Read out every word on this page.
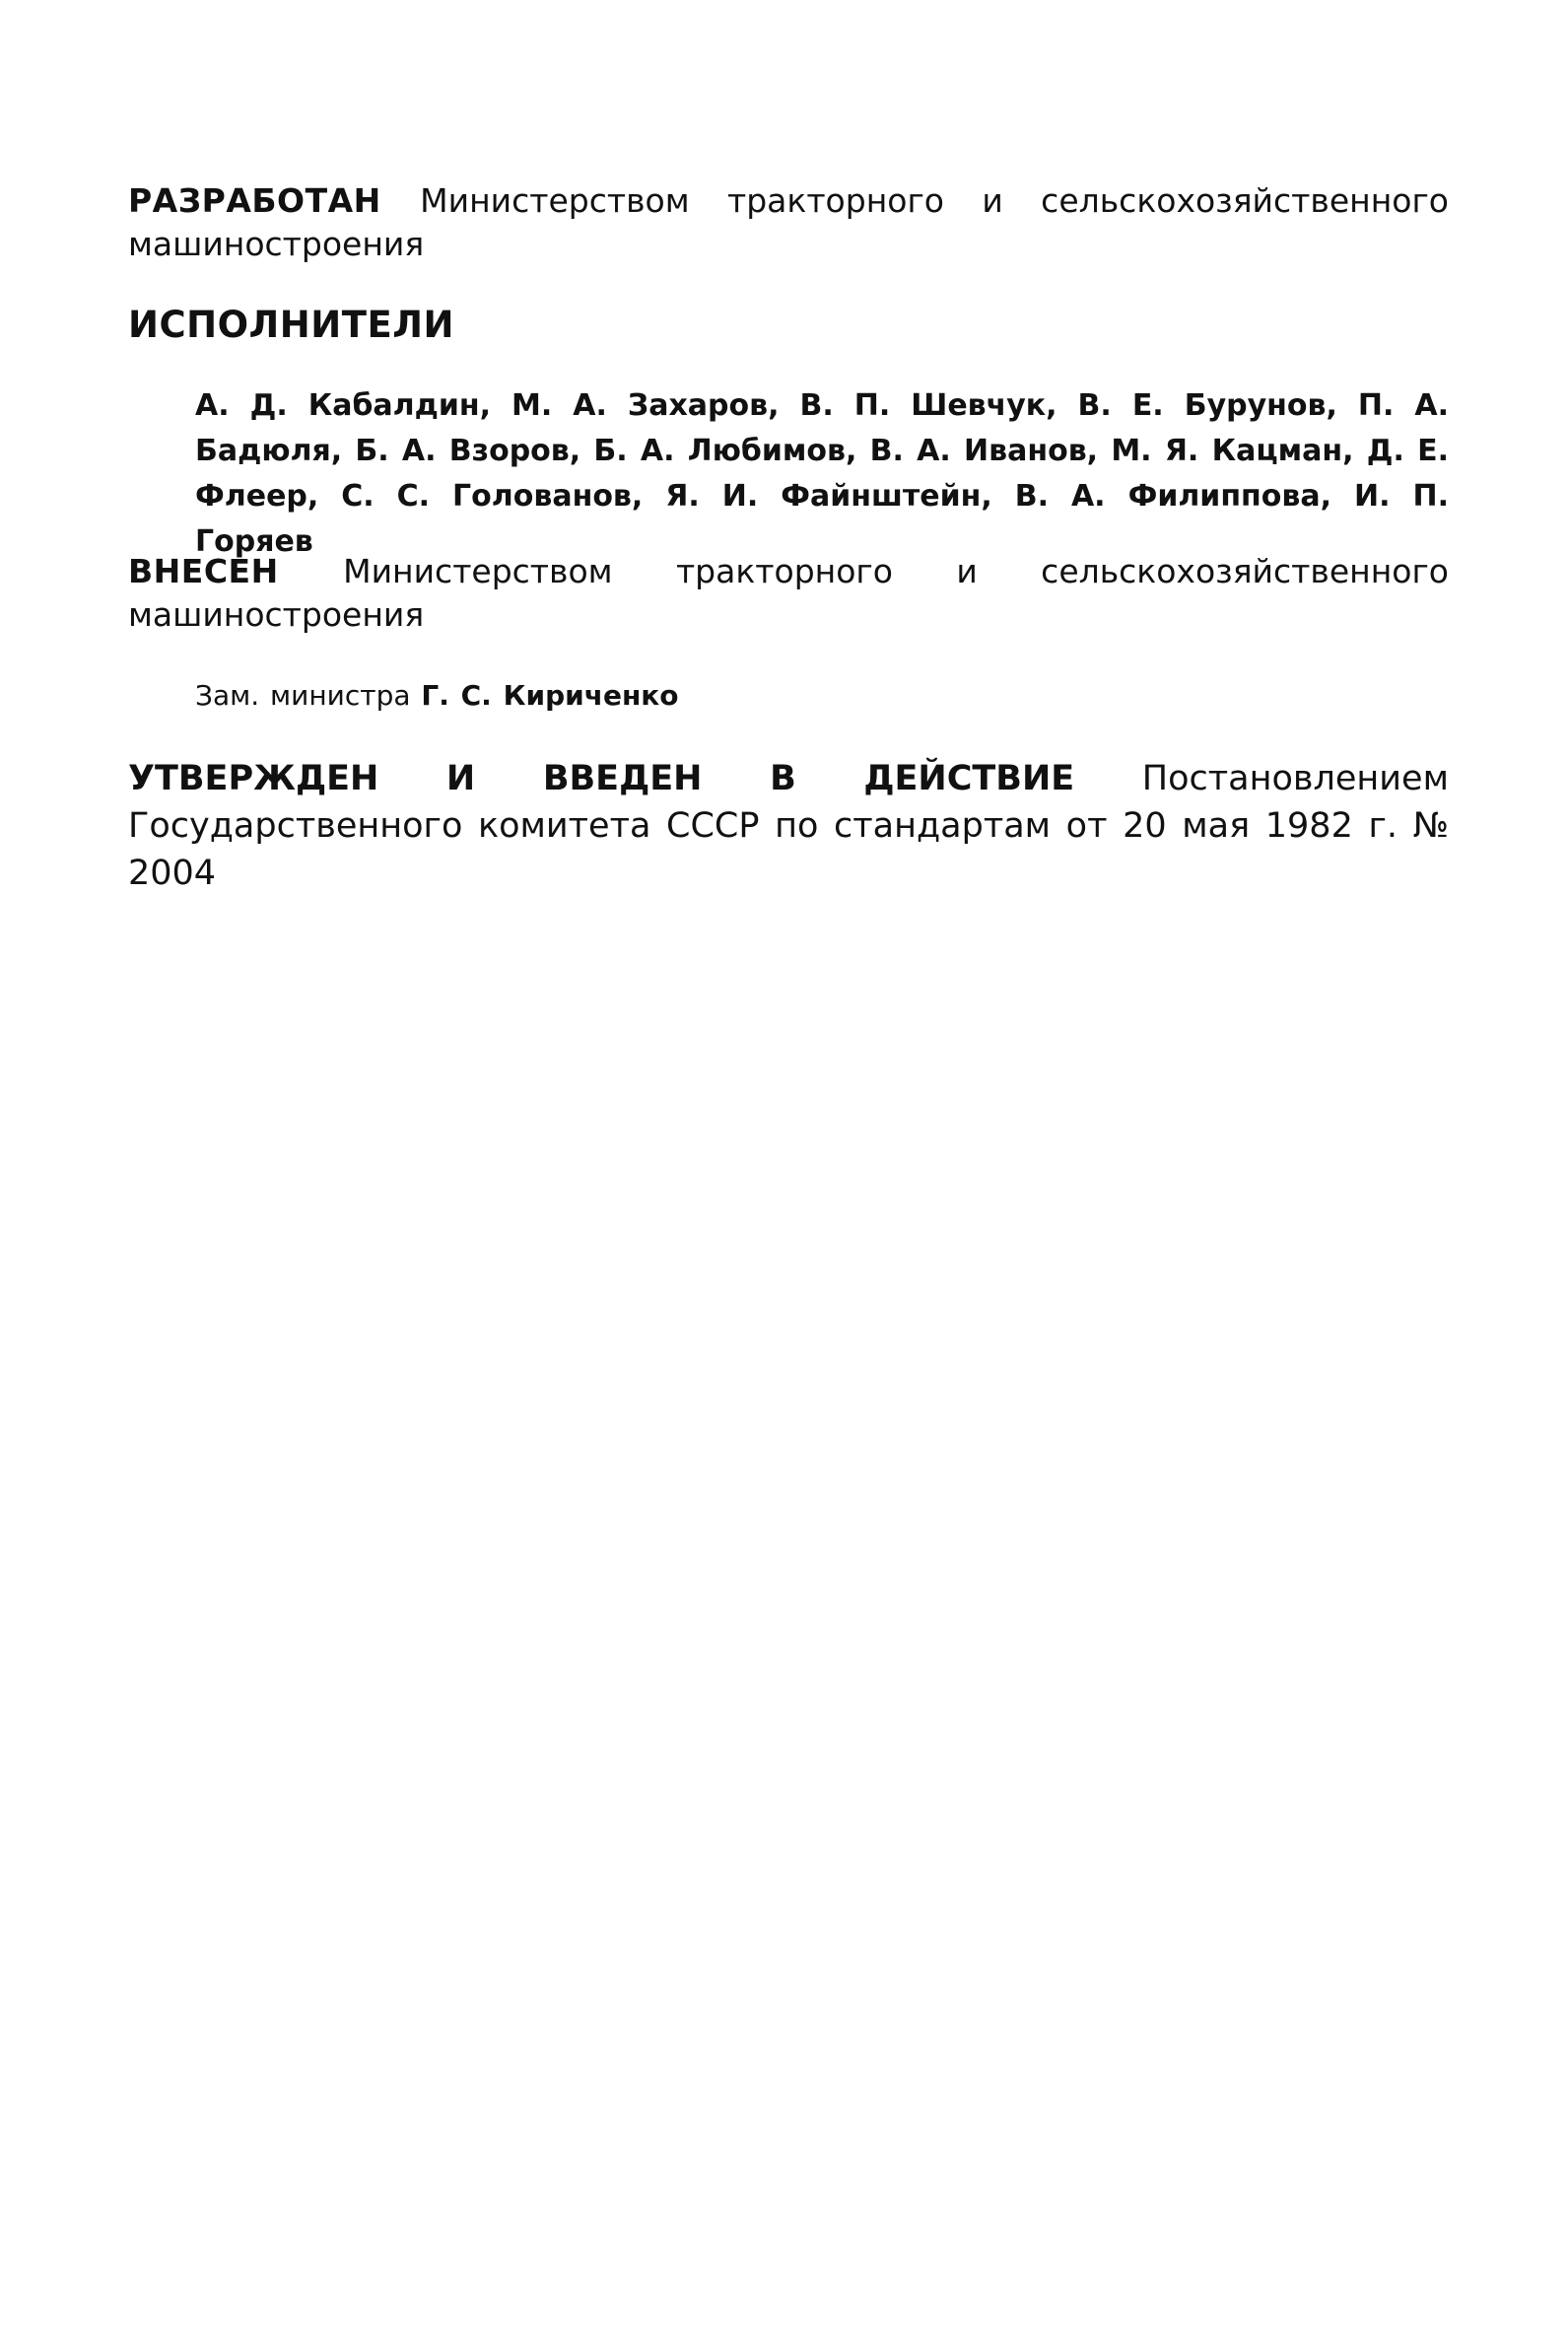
РАЗРАБОТАН Министерством тракторного и сельскохозяйственного машиностроения

ИСПОЛНИТЕЛИ

А. Д. Кабалдин, М. А. Захаров, В. П. Шевчук, В. Е. Бурунов, П. А. Бадюля, Б. А. Взоров, Б. А. Любимов, В. А. Иванов, М. Я. Кацман, Д. Е. Флеер, С. С. Голованов, Я. И. Файнштейн, В. А. Филиппова, И. П. Горяев

ВНЕСЕН Министерством тракторного и сельскохозяйственного машиностроения

Зам. министра Г. С. Кириченко

УТВЕРЖДЕН И ВВЕДЕН В ДЕЙСТВИЕ Постановлением Государственного комитета СССР по стандартам от 20 мая 1982 г. № 2004
